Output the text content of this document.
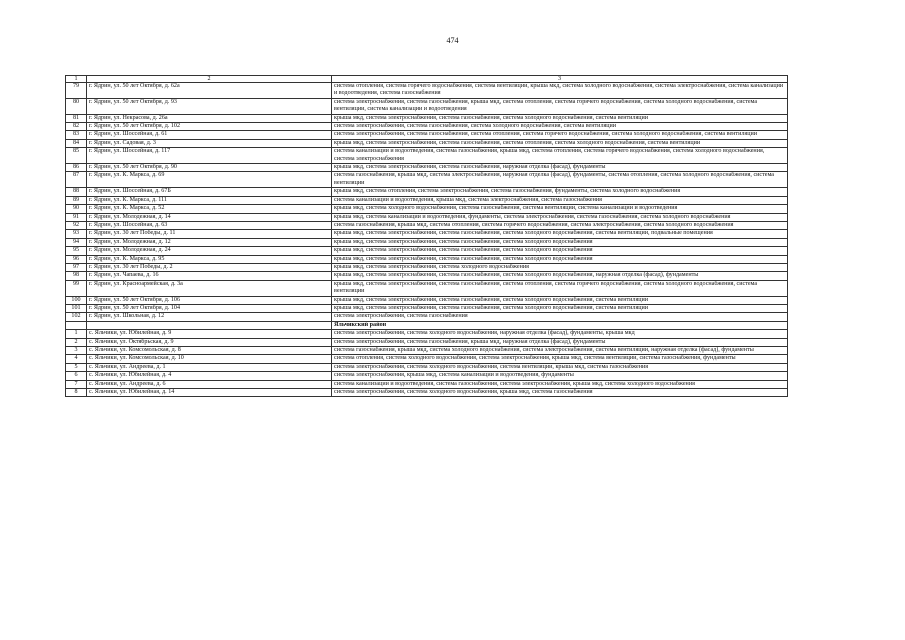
474
1	2	3
79	г. Ядрин, ул. 50 лет Октября, д. 62а	система отопления, система горячего водоснабжения, система вентиляции, крыша мкд, система холодного водоснабжения, система электроснабжения, система канализации и водоотведения, система газоснабжения
80	г. Ядрин, ул. 50 лет Октября, д. 93	система электроснабжения, система газоснабжения, крыша мкд, система отопления, система горячего водоснабжения, система холодного водоснабжения, система вентиляции, система канализации и водоотведения
81	г. Ядрин, ул. Некрасова, д. 26а	крыша мкд, система электроснабжения, система газоснабжения, система холодного водоснабжения, система вентиляции
82	г. Ядрин, ул. 50 лет Октября, д. 102	система электроснабжения, система газоснабжения, система холодного водоснабжения, система вентиляции
83	г. Ядрин, ул. Шоссейная, д. 61	система электроснабжения, система газоснабжения, система отопления, система горячего водоснабжения, система холодного водоснабжения, система вентиляции
84	г. Ядрин, ул. Садовая, д. 3	крыша мкд, система электроснабжения, система газоснабжения, система отопления, система холодного водоснабжения, система вентиляции
85	г. Ядрин, ул. Шоссейная, д. 117	система канализации и водоотведения, система газоснабжения, крыша мкд, система отопления, система горячего водоснабжения, система холодного водоснабжения, система электроснабжения
86	г. Ядрин, ул. 50 лет Октября, д. 90	крыша мкд, система электроснабжения, система газоснабжения, наружная отделка (фасад), фундаменты
87	г. Ядрин, ул. К. Маркса, д. 69	система газоснабжения, крыша мкд, система электроснабжения, наружная отделка (фасад), фундаменты, система отопления, система холодного водоснабжения, система вентиляции
88	г. Ядрин, ул. Шоссейная, д. 67Б	крыша мкд, система отопления, система электроснабжения, система газоснабжения, фундаменты, система холодного водоснабжения
89	г. Ядрин, ул. К. Маркса, д. 111	система канализации и водоотведения, крыша мкд, система электроснабжения, система газоснабжения
90	г. Ядрин, ул. К. Маркса, д. 52	крыша мкд, система холодного водоснабжения, система газоснабжения, система вентиляции, система канализации и водоотведения
91	г. Ядрин, ул. Молодежная, д. 14	крыша мкд, система канализации и водоотведения, фундаменты, система электроснабжения, система газоснабжения, система холодного водоснабжения
92	г. Ядрин, ул. Шоссейная, д. 63	система газоснабжения, крыша мкд, система отопления, система горячего водоснабжения, система электроснабжения, система холодного водоснабжения
93	г. Ядрин, ул. 30 лет Победы, д. 11	крыша мкд, система электроснабжения, система газоснабжения, система холодного водоснабжения, система вентиляции, подвальные помещения
94	г. Ядрин, ул. Молодежная, д. 12	крыша мкд, система электроснабжения, система газоснабжения, система холодного водоснабжения
95	г. Ядрин, ул. Молодежная, д. 24	крыша мкд, система электроснабжения, система газоснабжения, система холодного водоснабжения
96	г. Ядрин, ул. К. Маркса, д. 95	крыша мкд, система электроснабжения, система газоснабжения, система холодного водоснабжения
97	г. Ядрин, ул. 30 лет Победы, д. 2	крыша мкд, система электроснабжения, система холодного водоснабжения
98	г. Ядрин, ул. Чапаева, д. 16	крыша мкд, система электроснабжения, система газоснабжения, система холодного водоснабжения, наружная отделка (фасад), фундаменты
99	г. Ядрин, ул. Красноармейская, д. 3а	крыша мкд, система электроснабжения, система газоснабжения, система отопления, система горячего водоснабжения, система холодного водоснабжения, система вентиляции
100	г. Ядрин, ул. 50 лет Октября, д. 106	крыша мкд, система электроснабжения, система газоснабжения, система холодного водоснабжения, система вентиляции
101	г. Ядрин, ул. 50 лет Октября, д. 104	крыша мкд, система электроснабжения, система газоснабжения, система холодного водоснабжения, система вентиляции
102	г. Ядрин, ул. Школьная, д. 12	система электроснабжения, система газоснабжения
		Яльчикский район
1	с. Яльчики, ул. Юбилейная, д. 9	система электроснабжения, система холодного водоснабжения, наружная отделка (фасад), фундаменты, крыша мкд
2	с. Яльчики, ул. Октябрьская, д. 9	система электроснабжения, система газоснабжения, крыша мкд, наружная отделка (фасад), фундаменты
3	с. Яльчики, ул. Комсомольская, д. 8	система газоснабжения, крыша мкд, система холодного водоснабжения, система электроснабжения, система вентиляции, наружная отделка (фасад), фундаменты
4	с. Яльчики, ул. Комсомольская, д. 10	система отопления, система холодного водоснабжения, система электроснабжения, крыша мкд, система вентиляции, система газоснабжения, фундаменты
5	с. Яльчики, ул. Андреева, д. 1	система электроснабжения, система холодного водоснабжения, система вентиляции, крыша мкд, система газоснабжения
6	с. Яльчики, ул. Юбилейная, д. 4	система электроснабжения, крыша мкд, система канализации и водоотведения, фундаменты
7	с. Яльчики, ул. Андреева, д. 6	система канализации и водоотведения, система газоснабжения, система электроснабжения, крыша мкд, система холодного водоснабжения
8	с. Яльчики, ул. Юбилейная, д. 14	система электроснабжения, система холодного водоснабжения, крыша мкд, система газоснабжения
